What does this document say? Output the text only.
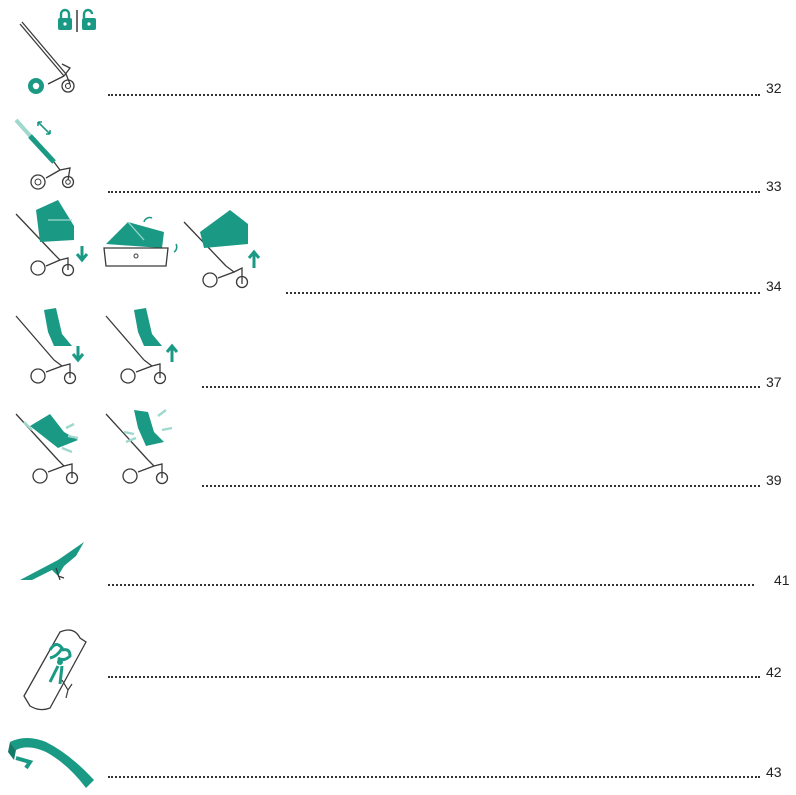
32
33
34
37
39
41
42
43
